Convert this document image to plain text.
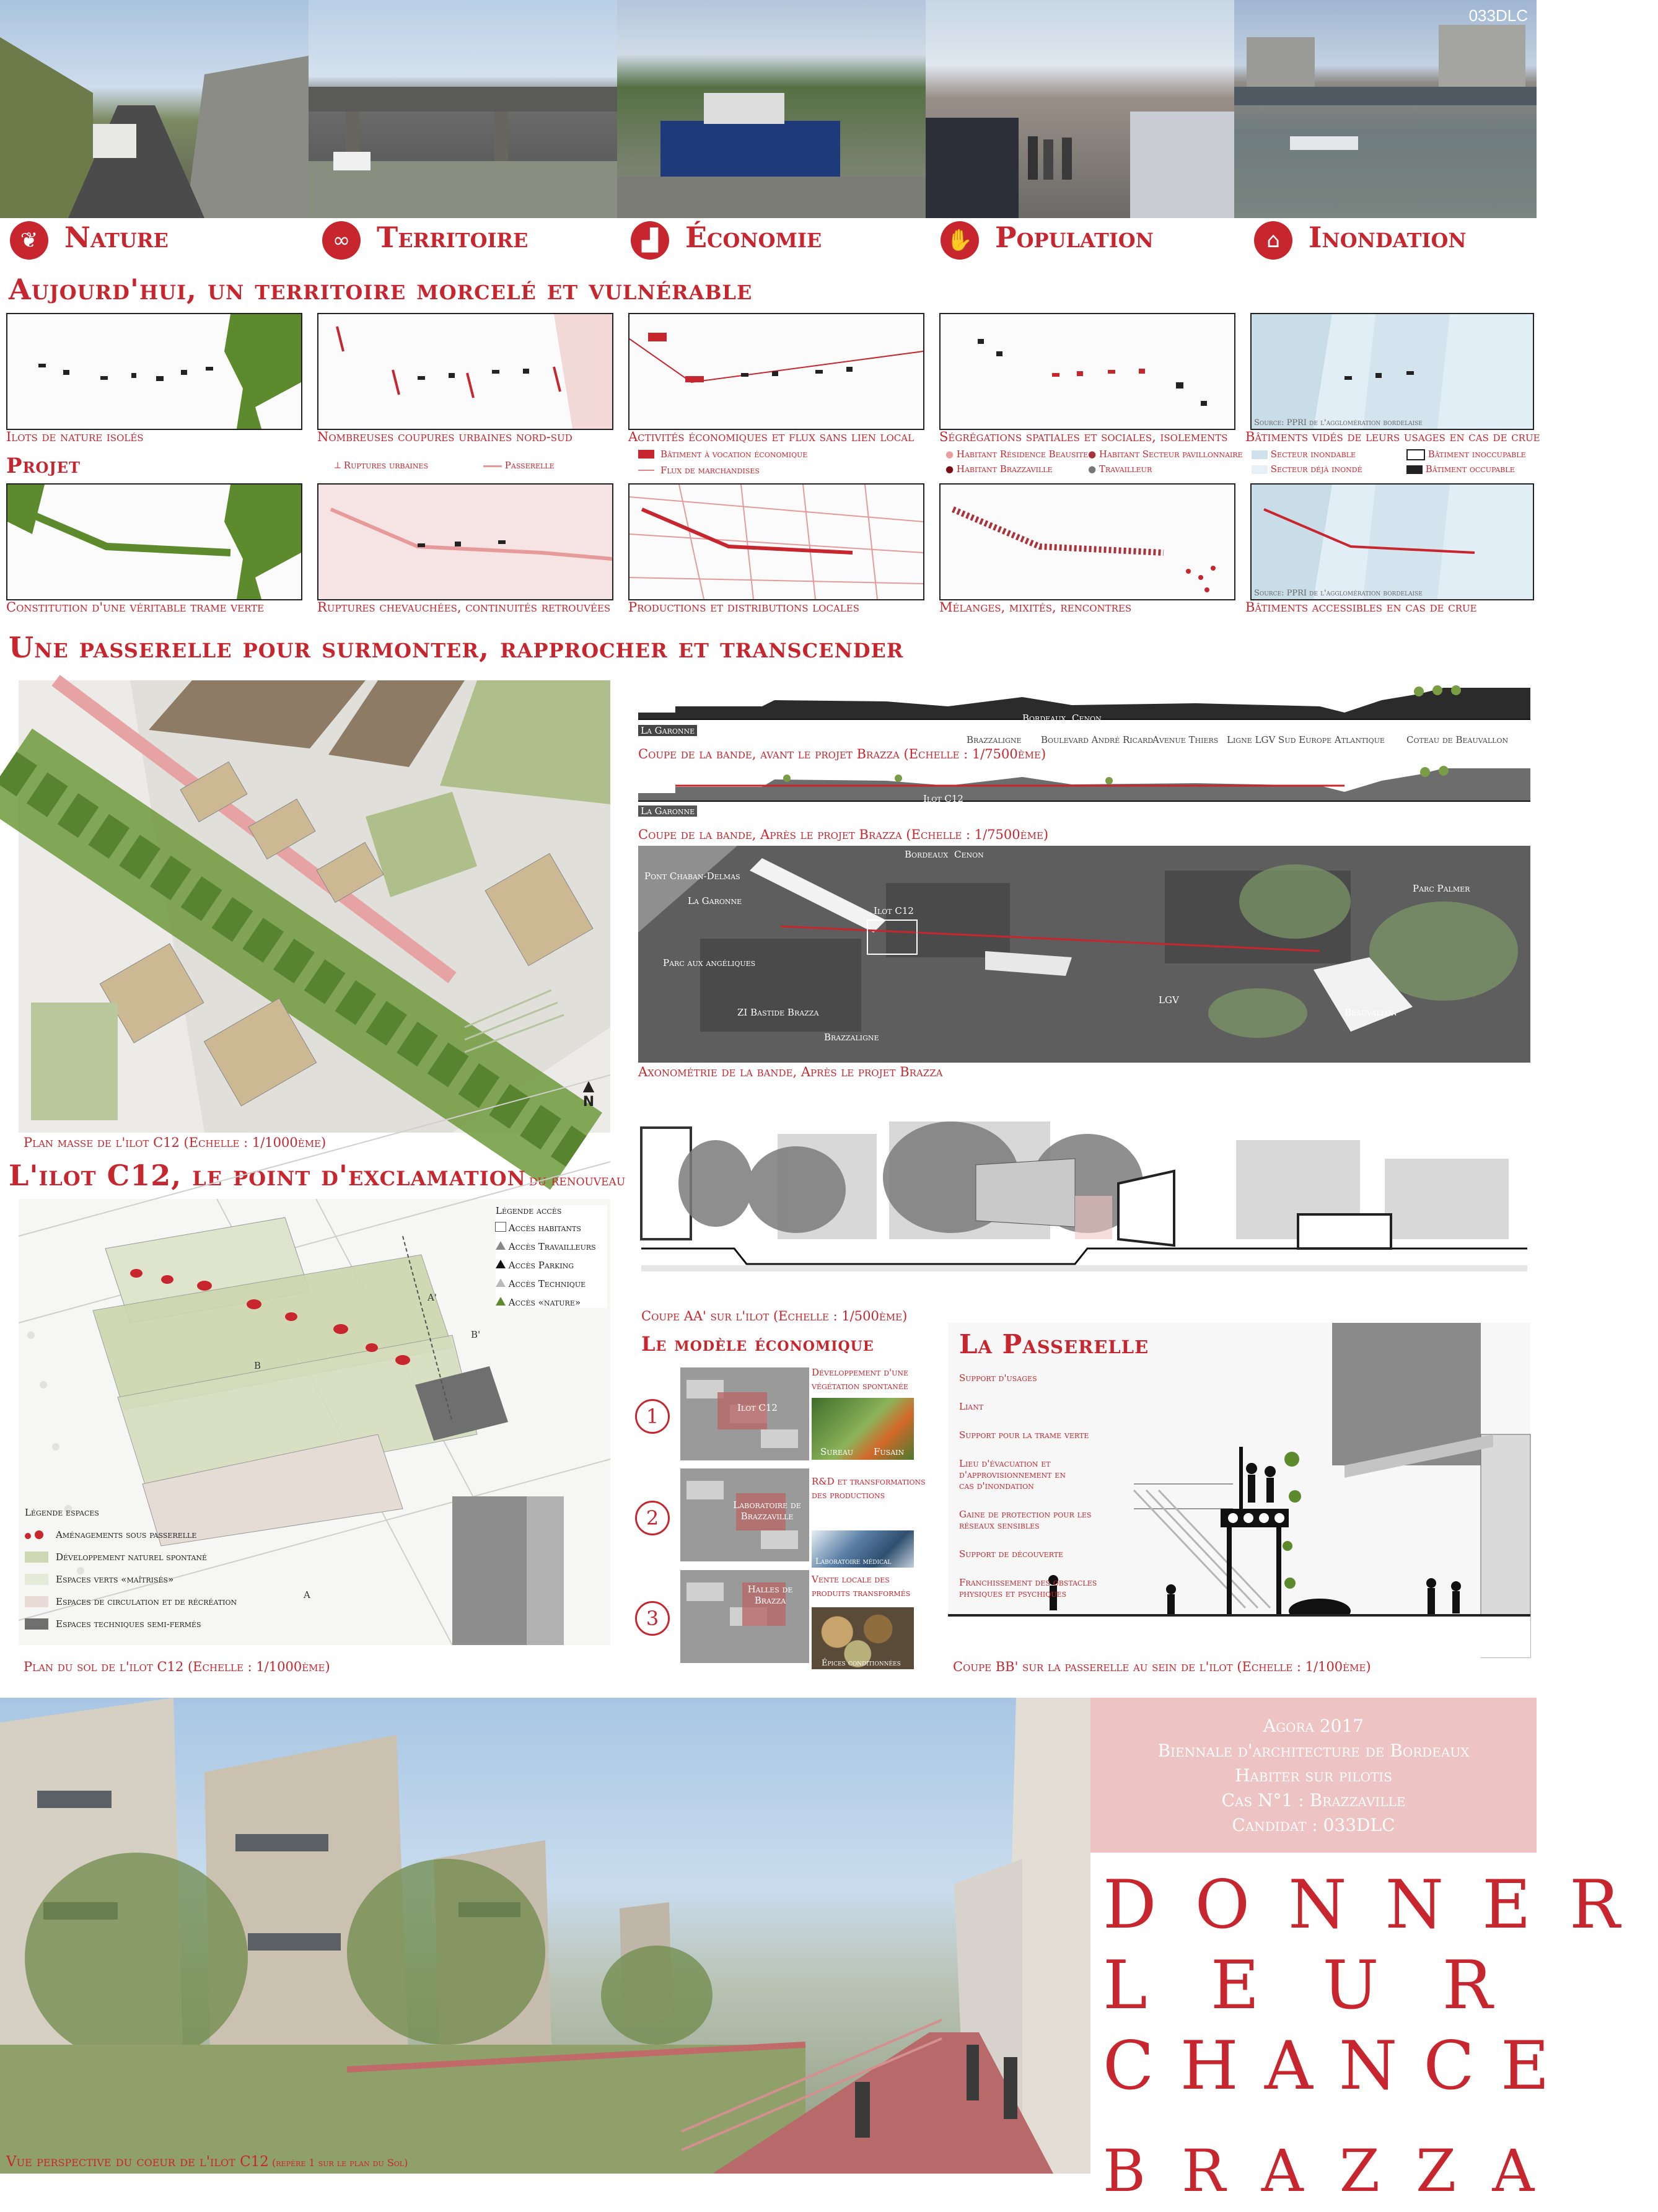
033DLC
❦ Nature	∞ Territoire	▟ Économie	✋ Population	⌂	Inondation
Aujourd'hui, un territoire morcelé et vulnérable
Source: PPRI de l'agglomération bordelaise
Ilots de nature isolés	Nombreuses coupures urbaines nord-sud	Activités économiques et flux sans lien local Ségrégations spatiales et sociales, isolements Bâtiments vidés de leurs usages en cas de crue
Projet	⟂ Ruptures urbaines	Passerelle
Bâtiment à vocation économique
Flux de marchandises
● Habitant Résidence Beausite ● Habitant Secteur pavillonnaire
● Habitant Brazzaville	● Travailleur
Secteur inondable	Bâtiment inoccupable
Secteur déjà inondé	Bâtiment occupable
Source: PPRI de l'agglomération bordelaise
Constitution d'une véritable trame verte	Ruptures chevauchées, continuités retrouvées Productions et distributions locales	Mélanges, mixités, rencontres	Bâtiments accessibles en cas de crue
Une passerelle pour surmonter, rapprocher et transcender
▲
N
Plan masse de l'ilot C12 (Echelle : 1/1000ème)
La Garonne
ZI Bastide Brazza
Bordeaux Cenon
Brazzaligne Boulevard André Ricard
Avenue Thiers Ligne LGV Sud Europe Atlantique Coteau de Beauvallon
Coupe de la bande, avant le projet Brazza (Echelle : 1/7500ème)
La Garonne	Brazzaville
Ilot C12
Coupe de la bande, Après le projet Brazza (Echelle : 1/7500ème)
Pont Chaban-Delmas
La Garonne
Parc aux angéliques
ZI Bastide Brazza
Bordeaux Cenon
Ilot C12
Brazzaligne
Parc Palmer
Beauvallon
LGV
Axonométrie de la bande, Après le projet Brazza
L'ilot C12, le point d'exclamation du renouveau
A'
B
B'
A
Légende accès
Accès habitants
Accès Travailleurs
Accès Parking
Accès Technique
Accès «nature»
Légende espaces
Aménagements sous passerelle
Développement naturel spontané
Espaces verts «maîtrisés»
Espaces de circulation et de récréation
Espaces techniques semi-fermés
Plan du sol de l'ilot C12 (Echelle : 1/1000ème)
Coupe AA' sur l'ilot (Echelle : 1/500ème)
Le modèle économique
1
2
3
Ilot C12
Sureau Fusain
Développement d'une
végétation spontanée
Laboratoire de Brazzaville
Laboratoire médical
R&D et transformations
des productions
Halles de Brazza
Épices conditionnées
Vente locale des
produits transformés
La Passerelle
Support d'usages
Liant
Support pour la trame verte
Lieu d'évacuation et d'approvisionnement en cas d'inondation
Gaine de protection pour les réseaux sensibles
Support de découverte
Franchissement des obstacles physiques et psychiques
Coupe BB' sur la passerelle au sein de l'ilot (Echelle : 1/100ème)
Vue perspective du coeur de l'ilot C12 (repère 1 sur le plan du Sol)
Agora 2017
Biennale d'architecture de Bordeaux
Habiter sur pilotis
Cas N°1 : Brazzaville
Candidat : 033DLC
DONNER
LEUR
CHANCE
BRAZZA
